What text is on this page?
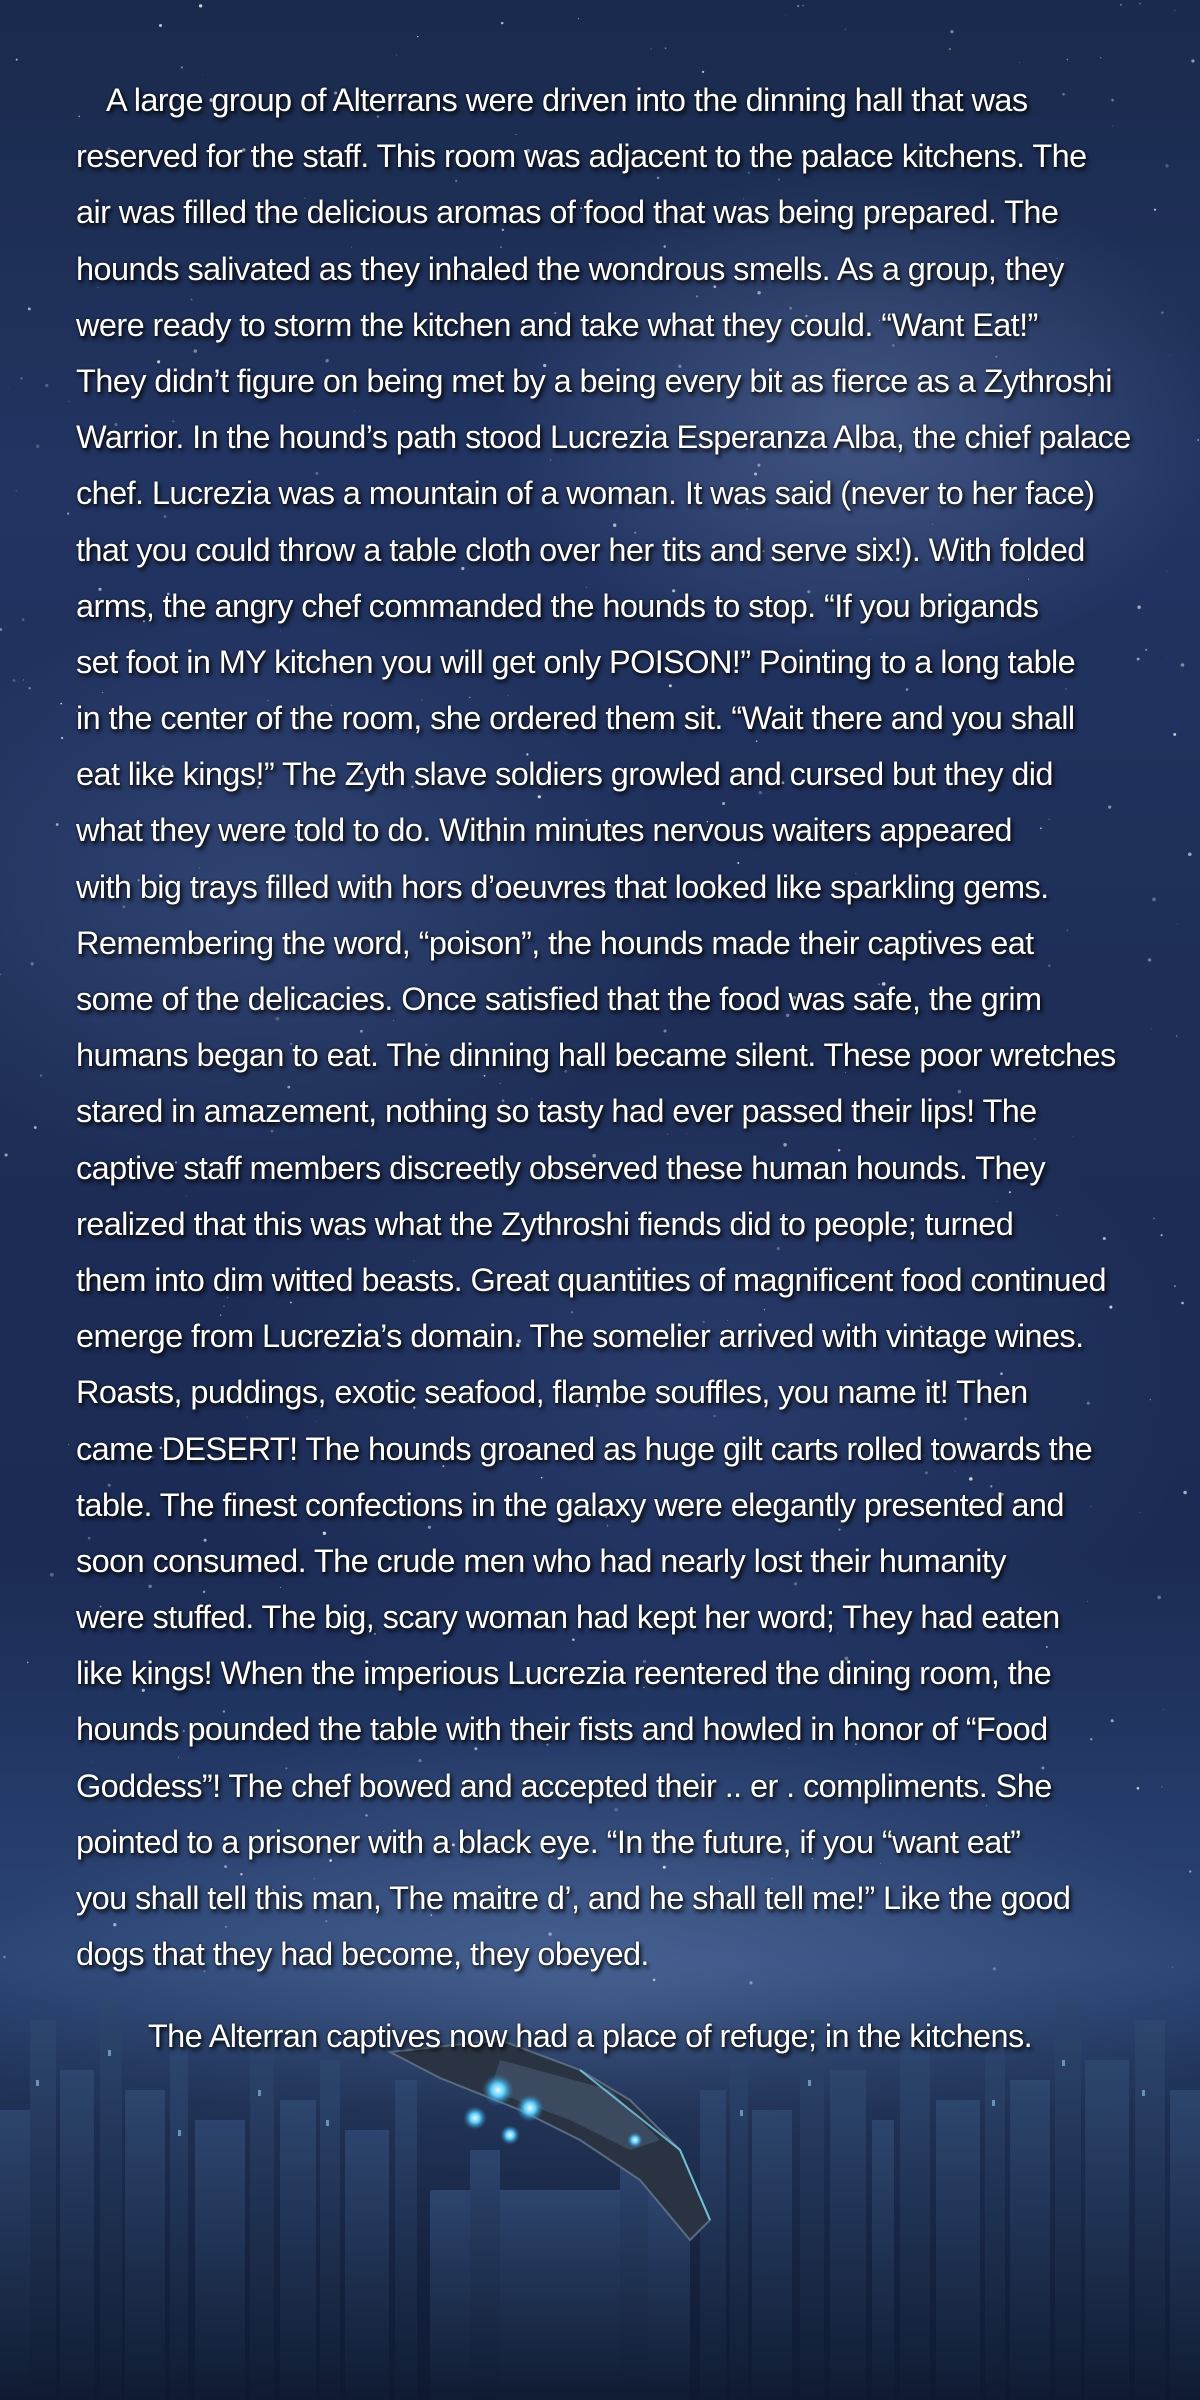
A large group of Alterrans were driven into the dinning hall that was
reserved for the staff. This room was adjacent to the palace kitchens. The
air was filled the delicious aromas of food that was being prepared. The
hounds salivated as they inhaled the wondrous smells. As a group, they
were ready to storm the kitchen and take what they could. “Want Eat!”
They didn’t figure on being met by a being every bit as fierce as a Zythroshi
Warrior. In the hound’s path stood Lucrezia Esperanza Alba, the chief palace
chef. Lucrezia was a mountain of a woman. It was said (never to her face)
that you could throw a table cloth over her tits and serve six!). With folded
arms, the angry chef commanded the hounds to stop. “If you brigands
set foot in MY kitchen you will get only POISON!” Pointing to a long table
in the center of the room, she ordered them sit. “Wait there and you shall
eat like kings!” The Zyth slave soldiers growled and cursed but they did
what they were told to do. Within minutes nervous waiters appeared
with big trays filled with hors d’oeuvres that looked like sparkling gems.
Remembering the word, “poison”, the hounds made their captives eat
some of the delicacies. Once satisfied that the food was safe, the grim
humans began to eat. The dinning hall became silent. These poor wretches
stared in amazement, nothing so tasty had ever passed their lips! The
captive staff members discreetly observed these human hounds. They
realized that this was what the Zythroshi fiends did to people; turned
them into dim witted beasts. Great quantities of magnificent food continued
emerge from Lucrezia’s domain. The somelier arrived with vintage wines.
Roasts, puddings, exotic seafood, flambe souffles, you name it! Then
came DESERT! The hounds groaned as huge gilt carts rolled towards the
table. The finest confections in the galaxy were elegantly presented and
soon consumed. The crude men who had nearly lost their humanity
were stuffed. The big, scary woman had kept her word; They had eaten
like kings! When the imperious Lucrezia reentered the dining room, the
hounds pounded the table with their fists and howled in honor of “Food
Goddess”! The chef bowed and accepted their .. er . compliments. She
pointed to a prisoner with a black eye. “In the future, if you “want eat”
you shall tell this man, The maitre d’, and he shall tell me!” Like the good
dogs that they had become, they obeyed.
The Alterran captives now had a place of refuge; in the kitchens.
